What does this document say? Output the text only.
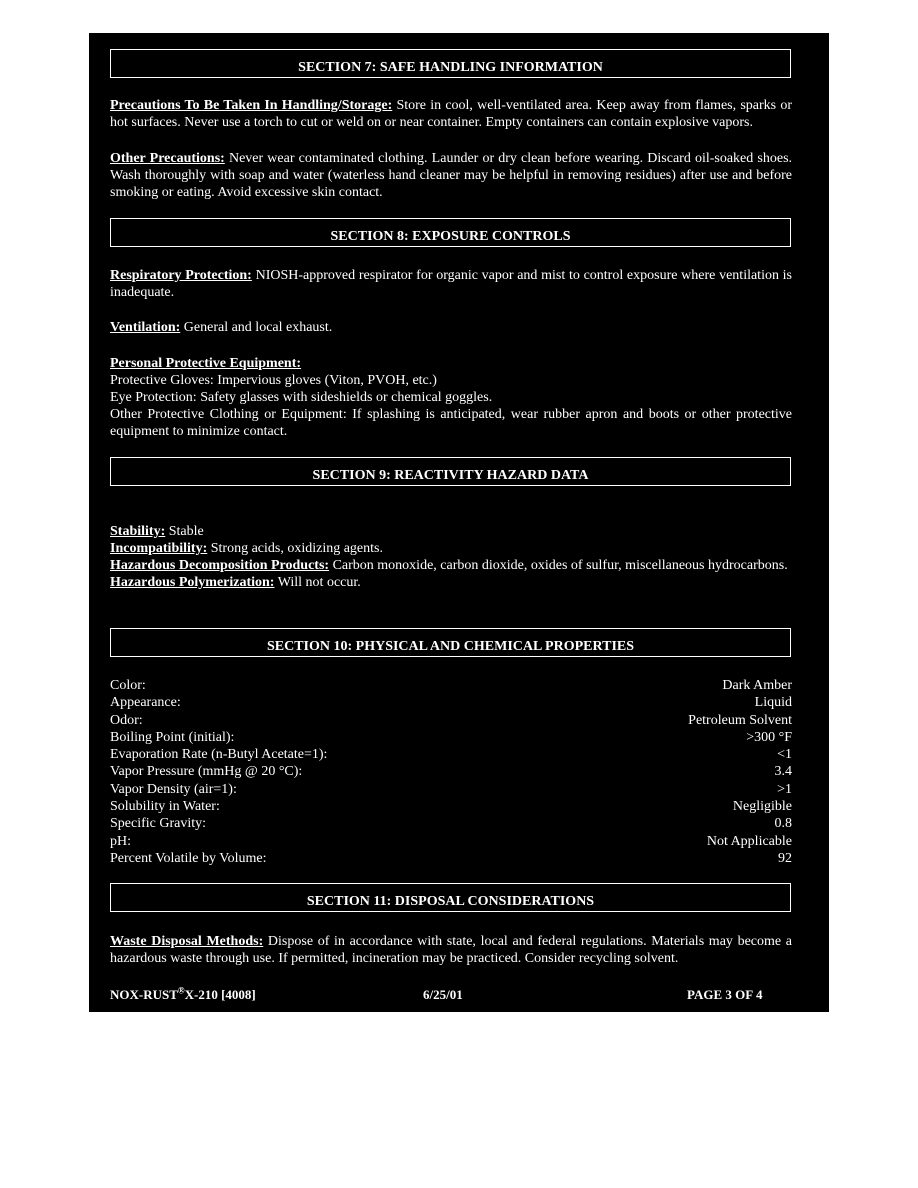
SECTION 7: SAFE HANDLING INFORMATION
Precautions To Be Taken In Handling/Storage: Store in cool, well-ventilated area. Keep away from flames, sparks or hot surfaces. Never use a torch to cut or weld on or near container. Empty containers can contain explosive vapors.
Other Precautions: Never wear contaminated clothing. Launder or dry clean before wearing. Discard oil-soaked shoes. Wash thoroughly with soap and water (waterless hand cleaner may be helpful in removing residues) after use and before smoking or eating. Avoid excessive skin contact.
SECTION 8: EXPOSURE CONTROLS
Respiratory Protection: NIOSH-approved respirator for organic vapor and mist to control exposure where ventilation is inadequate.
Ventilation: General and local exhaust.
Personal Protective Equipment:
Protective Gloves: Impervious gloves (Viton, PVOH, etc.)
Eye Protection: Safety glasses with sideshields or chemical goggles.
Other Protective Clothing or Equipment: If splashing is anticipated, wear rubber apron and boots or other protective equipment to minimize contact.
SECTION 9: REACTIVITY HAZARD DATA
Stability: Stable
Incompatibility: Strong acids, oxidizing agents.
Hazardous Decomposition Products: Carbon monoxide, carbon dioxide, oxides of sulfur, miscellaneous hydrocarbons.
Hazardous Polymerization: Will not occur.
SECTION 10: PHYSICAL AND CHEMICAL PROPERTIES
Color:	Dark Amber
Appearance:	Liquid
Odor:	Petroleum Solvent
Boiling Point (initial):	>300 °F
Evaporation Rate (n-Butyl Acetate=1):	<1
Vapor Pressure (mmHg @ 20 °C):	3.4
Vapor Density (air=1):	>1
Solubility in Water:	Negligible
Specific Gravity:	0.8
pH:	Not Applicable
Percent Volatile by Volume:	92
SECTION 11: DISPOSAL CONSIDERATIONS
Waste Disposal Methods: Dispose of in accordance with state, local and federal regulations. Materials may become a hazardous waste through use. If permitted, incineration may be practiced. Consider recycling solvent.
NOX-RUST®X-210 [4008]	6/25/01	PAGE 3 OF 4
